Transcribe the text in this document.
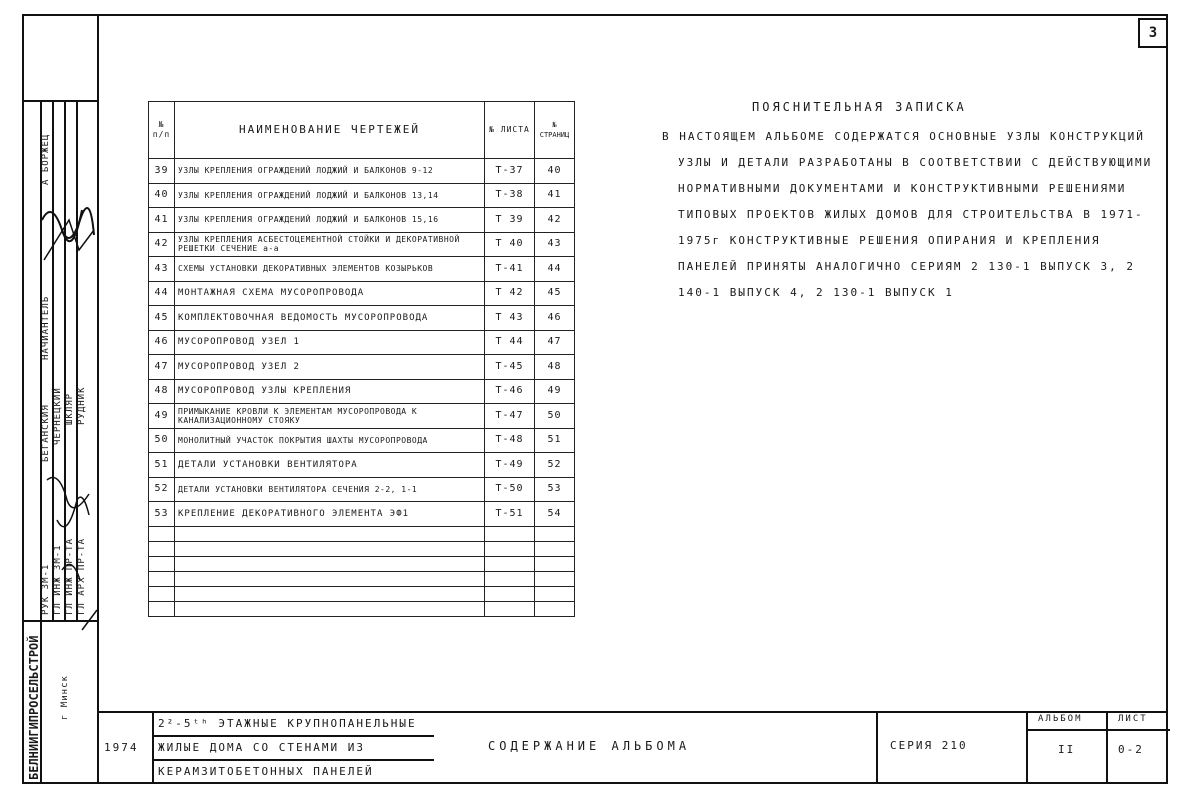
3
БЕЛНИИГИПРОСЕЛЬСТРОЙ г Минск
РУК ЗМ-1 ГЛ ИНЖ ЗМ-1 ГЛ ИНЖ ПР-ТА ГЛ АРХ ПР-ТА
БЕГАНСКИЯ ЧЕРНЕЦКИЙ ШКЛЯР РУДНИК
НАЧИАНТЕЛЬ
А БОРЖЕЦ
№ п/п	НАИМЕНОВАНИЕ ЧЕРТЕЖЕЙ	№ ЛИСТА	№ СТРАНИЦ
39	УЗЛЫ КРЕПЛЕНИЯ ОГРАЖДЕНИЙ ЛОДЖИЙ И БАЛКОНОВ 9-12	Т-37	40
40	УЗЛЫ КРЕПЛЕНИЯ ОГРАЖДЕНИЙ ЛОДЖИЙ И БАЛКОНОВ 13,14	Т-38	41
41	УЗЛЫ КРЕПЛЕНИЯ ОГРАЖДЕНИЙ ЛОДЖИЙ И БАЛКОНОВ 15,16	Т 39	42
42	УЗЛЫ КРЕПЛЕНИЯ АСБЕСТОЦЕМЕНТНОЙ СТОЙКИ И ДЕКОРАТИВНОЙ РЕШЕТКИ СЕЧЕНИЕ а-а	Т 40	43
43	СХЕМЫ УСТАНОВКИ ДЕКОРАТИВНЫХ ЭЛЕМЕНТОВ КОЗЫРЬКОВ	Т-41	44
44	МОНТАЖНАЯ СХЕМА МУСОРОПРОВОДА	Т 42	45
45	КОМПЛЕКТОВОЧНАЯ ВЕДОМОСТЬ МУСОРОПРОВОДА	Т 43	46
46	МУСОРОПРОВОД УЗЕЛ 1	Т 44	47
47	МУСОРОПРОВОД УЗЕЛ 2	Т-45	48
48	МУСОРОПРОВОД УЗЛЫ КРЕПЛЕНИЯ	Т-46	49
49	ПРИМЫКАНИЕ КРОВЛИ К ЭЛЕМЕНТАМ МУСОРОПРОВОДА К КАНАЛИЗАЦИОННОМУ СТОЯКУ	Т-47	50
50	МОНОЛИТНЫЙ УЧАСТОК ПОКРЫТИЯ ШАХТЫ МУСОРОПРОВОДА	Т-48	51
51	ДЕТАЛИ УСТАНОВКИ ВЕНТИЛЯТОРА	Т-49	52
52	ДЕТАЛИ УСТАНОВКИ ВЕНТИЛЯТОРА СЕЧЕНИЯ 2-2, 1-1	Т-50	53
53	КРЕПЛЕНИЕ ДЕКОРАТИВНОГО ЭЛЕМЕНТА ЭФ1	Т-51	54

ПОЯСНИТЕЛЬНАЯ ЗАПИСКА

В НАСТОЯЩЕМ АЛЬБОМЕ СОДЕРЖАТСЯ ОСНОВНЫЕ УЗЛЫ КОНСТРУКЦИЙ

УЗЛЫ И ДЕТАЛИ РАЗРАБОТАНЫ В СООТВЕТСТВИИ С ДЕЙСТВУЮЩИМИ НОРМАТИВНЫМИ ДОКУМЕНТАМИ И КОНСТРУКТИВНЫМИ РЕШЕНИЯМИ ТИПОВЫХ ПРОЕКТОВ ЖИЛЫХ ДОМОВ ДЛЯ СТРОИТЕЛЬСТВА В 1971-1975г КОНСТРУКТИВНЫЕ РЕШЕНИЯ ОПИРАНИЯ И КРЕПЛЕНИЯ ПАНЕЛЕЙ ПРИНЯТЫ АНАЛОГИЧНО СЕРИЯМ 2 130-1 ВЫПУСК 3, 2 140-1 ВЫПУСК 4, 2 130-1 ВЫПУСК 1

2²-5ᵗʰ ЭТАЖНЫЕ КРУПНОПАНЕЛЬНЫЕ
ЖИЛЫЕ ДОМА СО СТЕНАМИ ИЗ
КЕРАМЗИТОБЕТОННЫХ ПАНЕЛЕЙ
1974	СОДЕРЖАНИЕ АЛЬБОМА	СЕРИЯ 210
АЛЬБОМ
II
ЛИСТ
0-2
